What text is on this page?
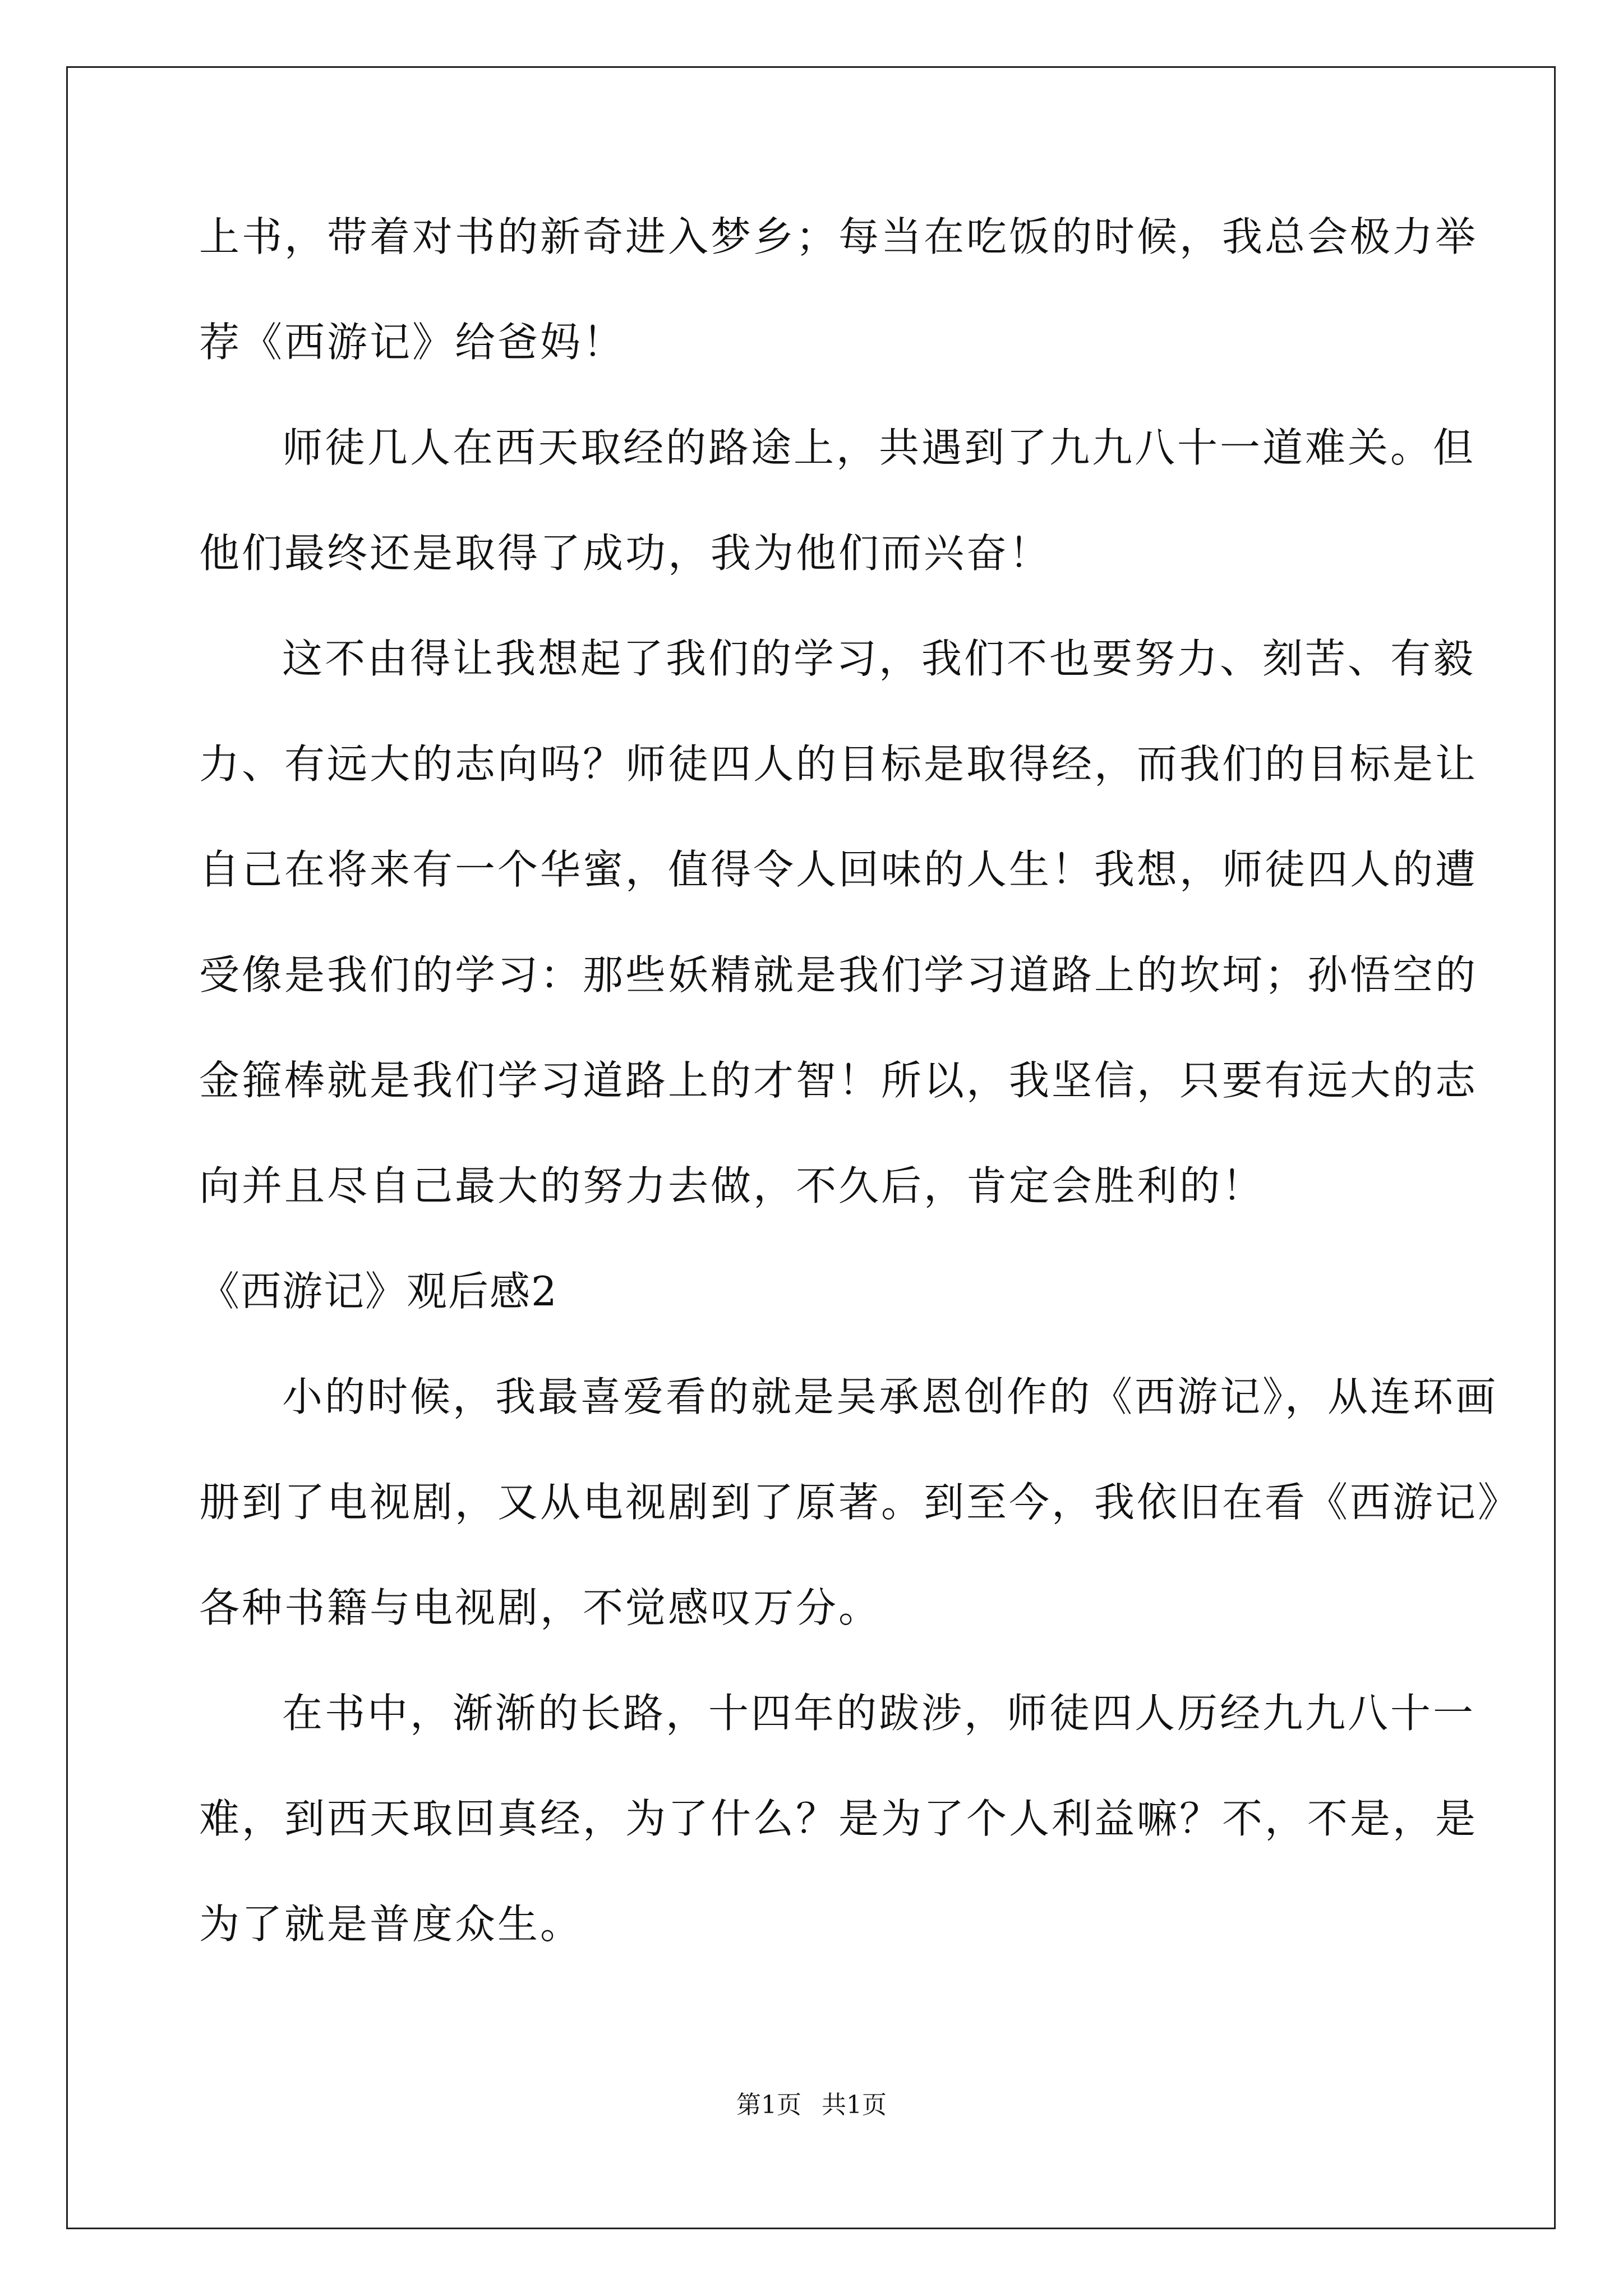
上书，带着对书的新奇进入梦乡；每当在吃饭的时候，我总会极力举
荐《西游记》给爸妈！
师徒几人在西天取经的路途上，共遇到了九九八十一道难关。但
他们最终还是取得了成功，我为他们而兴奋！
这不由得让我想起了我们的学习，我们不也要努力、刻苦、有毅
力、有远大的志向吗？师徒四人的目标是取得经，而我们的目标是让
自己在将来有一个华蜜，值得令人回味的人生！我想，师徒四人的遭
受像是我们的学习：那些妖精就是我们学习道路上的坎坷；孙悟空的
金箍棒就是我们学习道路上的才智！所以，我坚信，只要有远大的志
向并且尽自己最大的努力去做，不久后，肯定会胜利的！
《西游记》观后感2
小的时候，我最喜爱看的就是吴承恩创作的《西游记》，从连环画
册到了电视剧，又从电视剧到了原著。到至今，我依旧在看《西游记》
各种书籍与电视剧，不觉感叹万分。
在书中，渐渐的长路，十四年的跋涉，师徒四人历经九九八十一
难，到西天取回真经，为了什么？是为了个人利益嘛？不，不是，是
为了就是普度众生。
第1页 共1页
